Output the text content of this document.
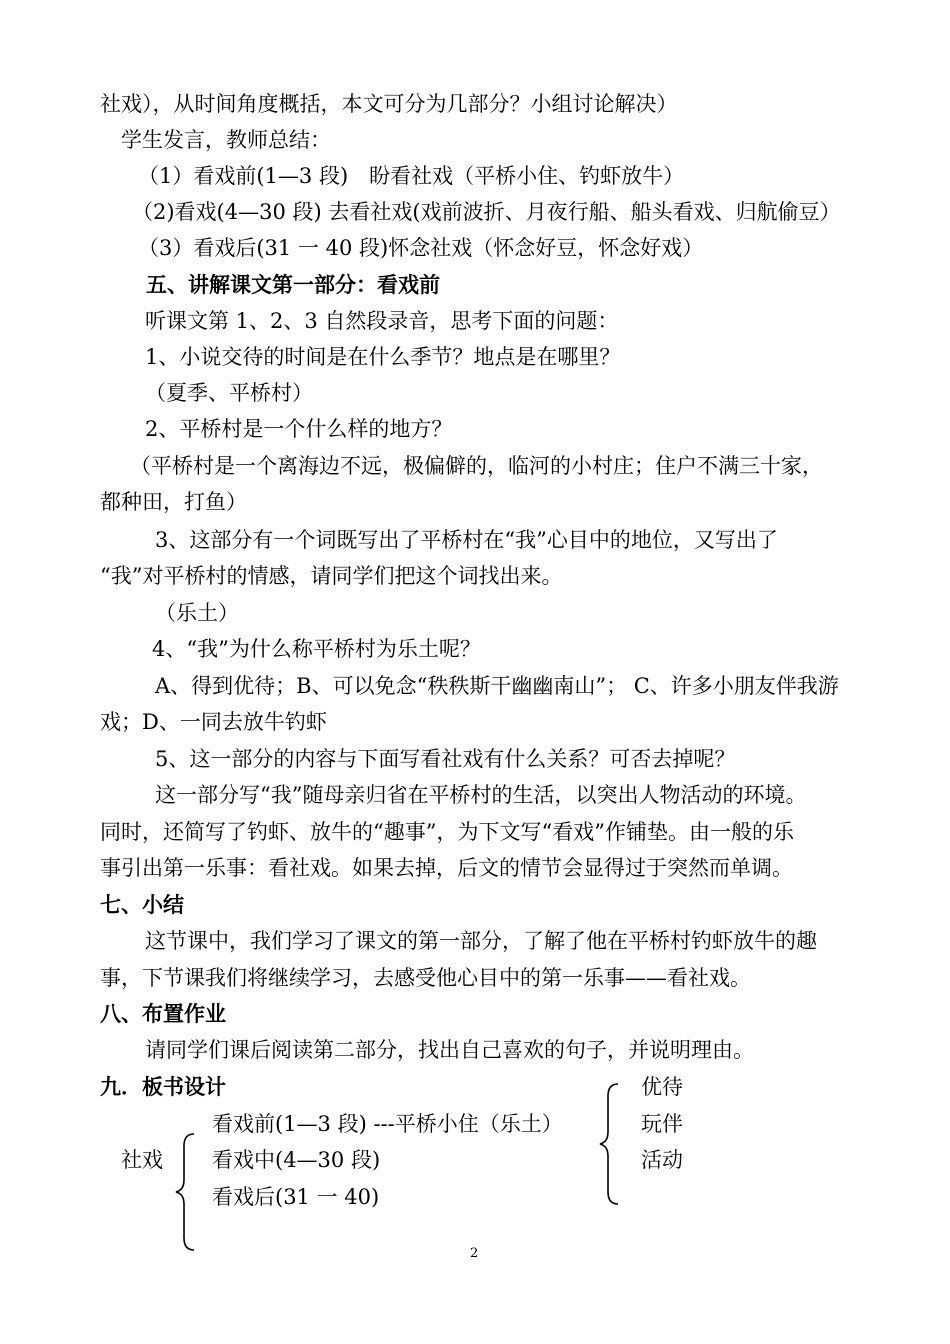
社戏），从时间角度概括，本文可分为几部分？小组讨论解决）
学生发言，教师总结：
（1）看戏前(1—3 段)　盼看社戏（平桥小住、钓虾放牛）
（2)看戏(4—30 段) 去看社戏(戏前波折、月夜行船、船头看戏、归航偷豆）
（3）看戏后(31 一 40 段)怀念社戏（怀念好豆，怀念好戏）
五、讲解课文第一部分：看戏前
听课文第 1、2、3 自然段录音，思考下面的问题：
1、小说交待的时间是在什么季节？地点是在哪里？
（夏季、平桥村）
2、平桥村是一个什么样的地方？
（平桥村是一个离海边不远，极偏僻的，临河的小村庄；住户不满三十家，
都种田，打鱼）
3、这部分有一个词既写出了平桥村在“我”心目中的地位，又写出了
“我”对平桥村的情感，请同学们把这个词找出来。
（乐土）
4、“我”为什么称平桥村为乐土呢？
A、得到优待；B、可以免念“秩秩斯干幽幽南山”； C、许多小朋友伴我游
戏；D、一同去放牛钓虾
5、这一部分的内容与下面写看社戏有什么关系？可否去掉呢？
这一部分写“我”随母亲归省在平桥村的生活，以突出人物活动的环境。
同时，还简写了钓虾、放牛的“趣事”，为下文写“看戏”作铺垫。由一般的乐
事引出第一乐事：看社戏。如果去掉，后文的情节会显得过于突然而单调。
七、小结
这节课中，我们学习了课文的第一部分，了解了他在平桥村钓虾放牛的趣
事，下节课我们将继续学习，去感受他心目中的第一乐事——看社戏。
八、布置作业
请同学们课后阅读第二部分，找出自己喜欢的句子，并说明理由。
九．板书设计
社戏
看戏前(1—3 段) ---平桥小住（乐土）
看戏中(4—30 段)
看戏后(31 一 40)
优待
玩伴
活动
2
